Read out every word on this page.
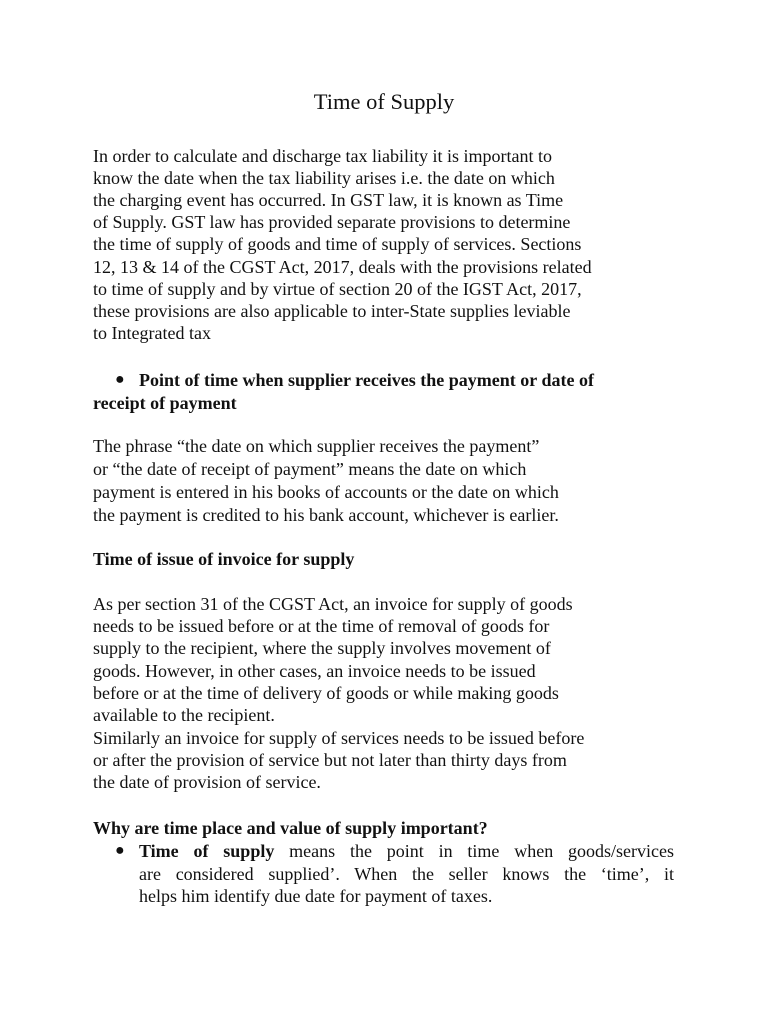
Time of Supply

In order to calculate and discharge tax liability it is important to

know the date when the tax liability arises i.e. the date on which

the charging event has occurred. In GST law, it is known as Time

of Supply. GST law has provided separate provisions to determine

the time of supply of goods and time of supply of services. Sections

12, 13 & 14 of the CGST Act, 2017, deals with the provisions related

to time of supply and by virtue of section 20 of the IGST Act, 2017,

these provisions are also applicable to inter-State supplies leviable

to Integrated tax

● Point of time when supplier receives the payment or date of

receipt of payment

The phrase “the date on which supplier receives the payment”

or “the date of receipt of payment” means the date on which

payment is entered in his books of accounts or the date on which

the payment is credited to his bank account, whichever is earlier.

Time of issue of invoice for supply

As per section 31 of the CGST Act, an invoice for supply of goods

needs to be issued before or at the time of removal of goods for

supply to the recipient, where the supply involves movement of

goods. However, in other cases, an invoice needs to be issued

before or at the time of delivery of goods or while making goods

available to the recipient.

Similarly an invoice for supply of services needs to be issued before

or after the provision of service but not later than thirty days from

the date of provision of service.

Why are time place and value of supply important?

● Time of supply means the point in time when goods/services

are considered supplied’. When the seller knows the ‘time’, it

helps him identify due date for payment of taxes.
